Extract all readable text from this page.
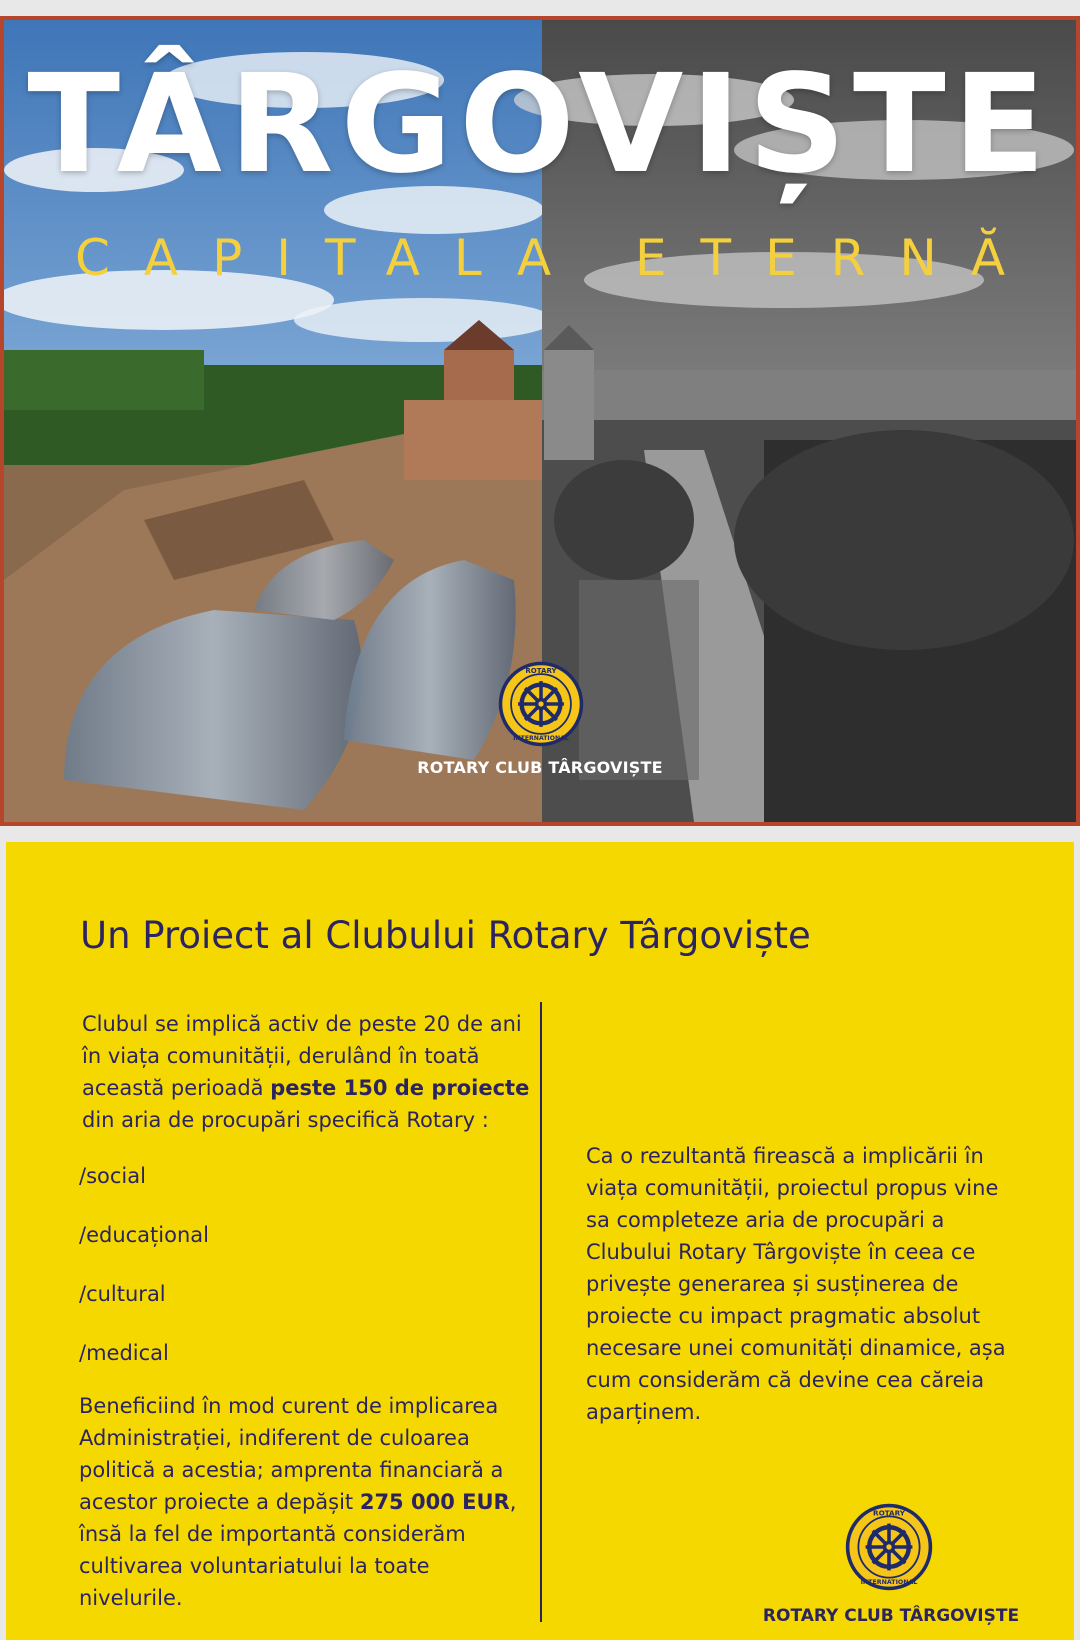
TÂRGOVIȘTE
CAPITALA ETERNĂ
ROTARY
INTERNATIONAL
ROTARY CLUB TÂRGOVIȘTE
Un Proiect al Clubului Rotary Târgoviște
Clubul se implică activ de peste 20 de ani în viața comunității, derulând în toată această perioadă peste 150 de proiecte din aria de procupări specifică Rotary :
/social
/educațional
/cultural
/medical
Beneficiind în mod curent de implicarea Administrației, indiferent de culoarea politică a acestia; amprenta financiară a acestor proiecte a depășit 275 000 EUR, însă la fel de importantă considerăm cultivarea voluntariatului la toate nivelurile.
Ca o rezultantă firească a implicării în viața comunității, proiectul propus vine sa completeze aria de procupări a Clubului Rotary Târgoviște în ceea ce privește generarea și susținerea de proiecte cu impact pragmatic absolut necesare unei comunități dinamice, așa cum considerăm că devine cea căreia aparținem.
ROTARY
INTERNATIONAL
ROTARY CLUB TÂRGOVIȘTE
